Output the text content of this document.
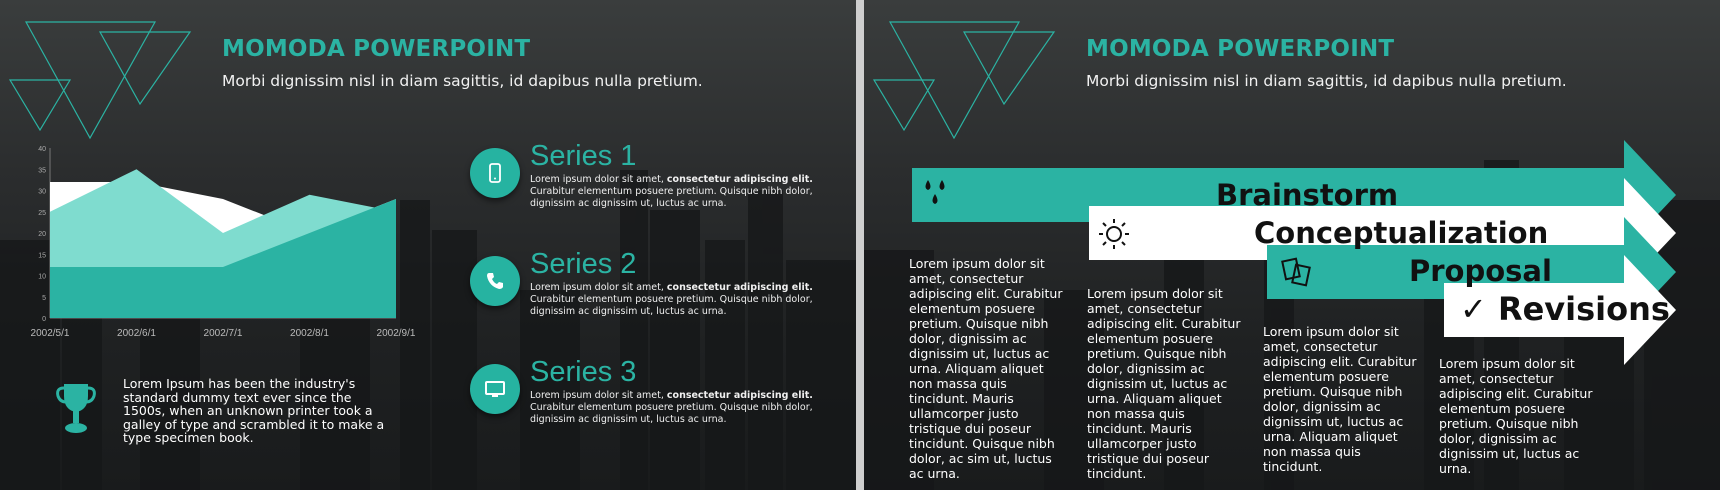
MOMODA POWERPOINT
Morbi dignissim nisl in diam sagittis, id dapibus nulla pretium.
0
5
10
15
20
25
30
35
40
2002/5/1	2002/6/1	2002/7/1	2002/8/1	2002/9/1
Series 1
Lorem ipsum dolor sit amet, consectetur adipiscing elit. Curabitur elementum posuere pretium. Quisque nibh dolor, dignissim ac dignissim ut, luctus ac urna.
Series 2
Lorem ipsum dolor sit amet, consectetur adipiscing elit. Curabitur elementum posuere pretium. Quisque nibh dolor, dignissim ac dignissim ut, luctus ac urna.
Series 3
Lorem ipsum dolor sit amet, consectetur adipiscing elit. Curabitur elementum posuere pretium. Quisque nibh dolor, dignissim ac dignissim ut, luctus ac urna.
Lorem Ipsum has been the industry's standard dummy text ever since the 1500s, when an unknown printer took a galley of type and scrambled it to make a type specimen book.
MOMODA POWERPOINT
Morbi dignissim nisl in diam sagittis, id dapibus nulla pretium.
Brainstorm
Conceptualization
Proposal
✓ Revisions
Lorem ipsum dolor sit amet, consectetur adipiscing elit. Curabitur elementum posuere pretium. Quisque nibh dolor, dignissim ac dignissim ut, luctus ac urna. Aliquam aliquet non massa quis tincidunt. Mauris ullamcorper justo tristique dui poseur tincidunt. Quisque nibh dolor, ac sim ut, luctus ac urna.
Lorem ipsum dolor sit amet, consectetur adipiscing elit. Curabitur elementum posuere pretium. Quisque nibh dolor, dignissim ac dignissim ut, luctus ac urna. Aliquam aliquet non massa quis tincidunt. Mauris ullamcorper justo tristique dui poseur tincidunt.
Lorem ipsum dolor sit amet, consectetur adipiscing elit. Curabitur elementum posuere pretium. Quisque nibh dolor, dignissim ac dignissim ut, luctus ac urna. Aliquam aliquet non massa quis tincidunt.
Lorem ipsum dolor sit amet, consectetur adipiscing elit. Curabitur elementum posuere pretium. Quisque nibh dolor, dignissim ac dignissim ut, luctus ac urna.
